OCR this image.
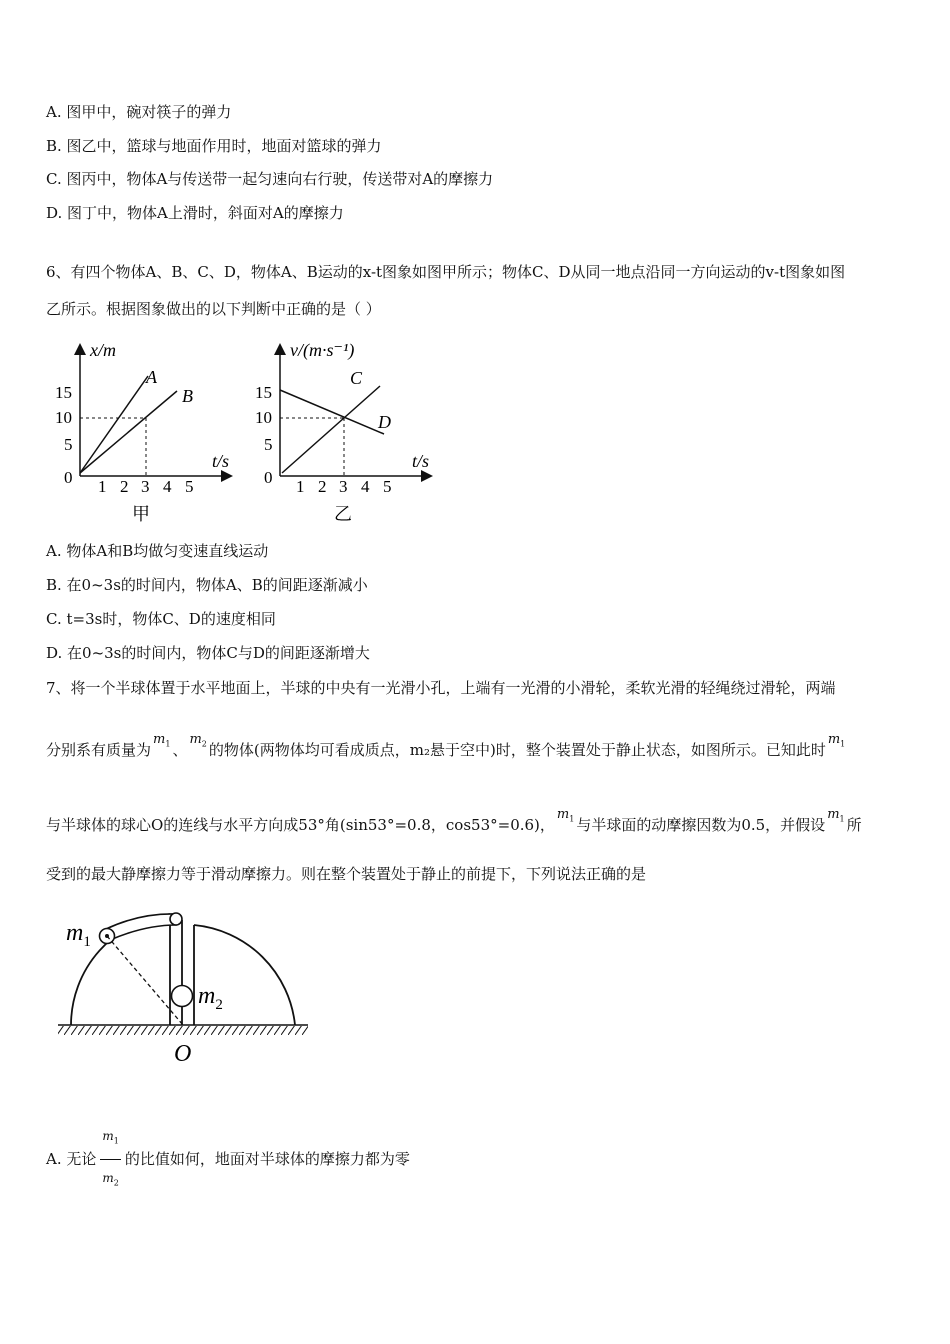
A. 图甲中，碗对筷子的弹力
B. 图乙中，篮球与地面作用时，地面对篮球的弹力
C. 图丙中，物体A与传送带一起匀速向右行驶，传送带对A的摩擦力
D. 图丁中，物体A上滑时，斜面对A的摩擦力
6、有四个物体A、B、C、D，物体A、B运动的x-t图象如图甲所示；物体C、D从同一地点沿同一方向运动的v-t图象如图
乙所示。根据图象做出的以下判断中正确的是（ ）
x/m
t/s
15
10
5
0 1 2 3 4 5
A
B
甲
v/(m·s⁻¹)
t/s
15
10
5
0 1 2 3 4 5
C
D
乙
A. 物体A和B均做匀变速直线运动
B. 在0~3s的时间内，物体A、B的间距逐渐减小
C. t=3s时，物体C、D的速度相同
D. 在0~3s的时间内，物体C与D的间距逐渐增大
7、将一个半球体置于水平地面上，半球的中央有一光滑小孔，上端有一光滑的小滑轮，柔软光滑的轻绳绕过滑轮，两端
分别系有质量为$m_1$ 、$m_2$ 的物体(两物体均可看成质点，m₂悬于空中)时，整个装置处于静止状态，如图所示。已知此时$m_1$
与半球体的球心O的连线与水平方向成53°角(sin53°=0.8，cos53°=0.6)，$m_1$ 与半球面的动摩擦因数为0.5，并假设$m_1$ 所
受到的最大静摩擦力等于滑动摩擦力。则在整个装置处于静止的前提下，下列说法正确的是
$m_1$
$m_2$
O
A. 无论 $\frac{m_1}{m_2}$ 的比值如何，地面对半球体的摩擦力都为零
